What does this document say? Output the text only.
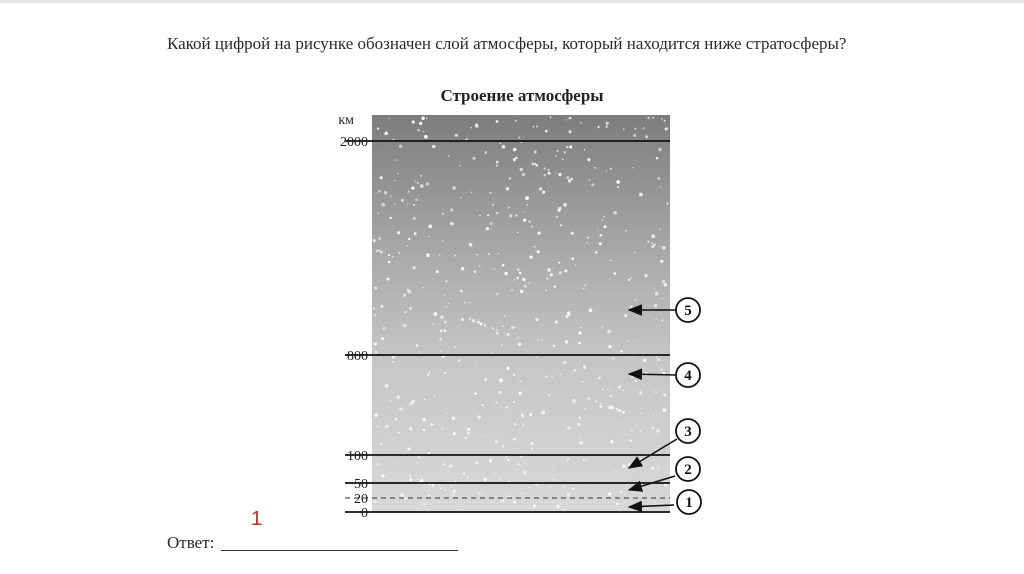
Какой цифрой на рисунке обозначен слой атмосферы, который находится ниже стратосферы?
Строение атмосферы
км
2000
800
100
50
20
0
1
2
3
4
5
1
Ответ:
